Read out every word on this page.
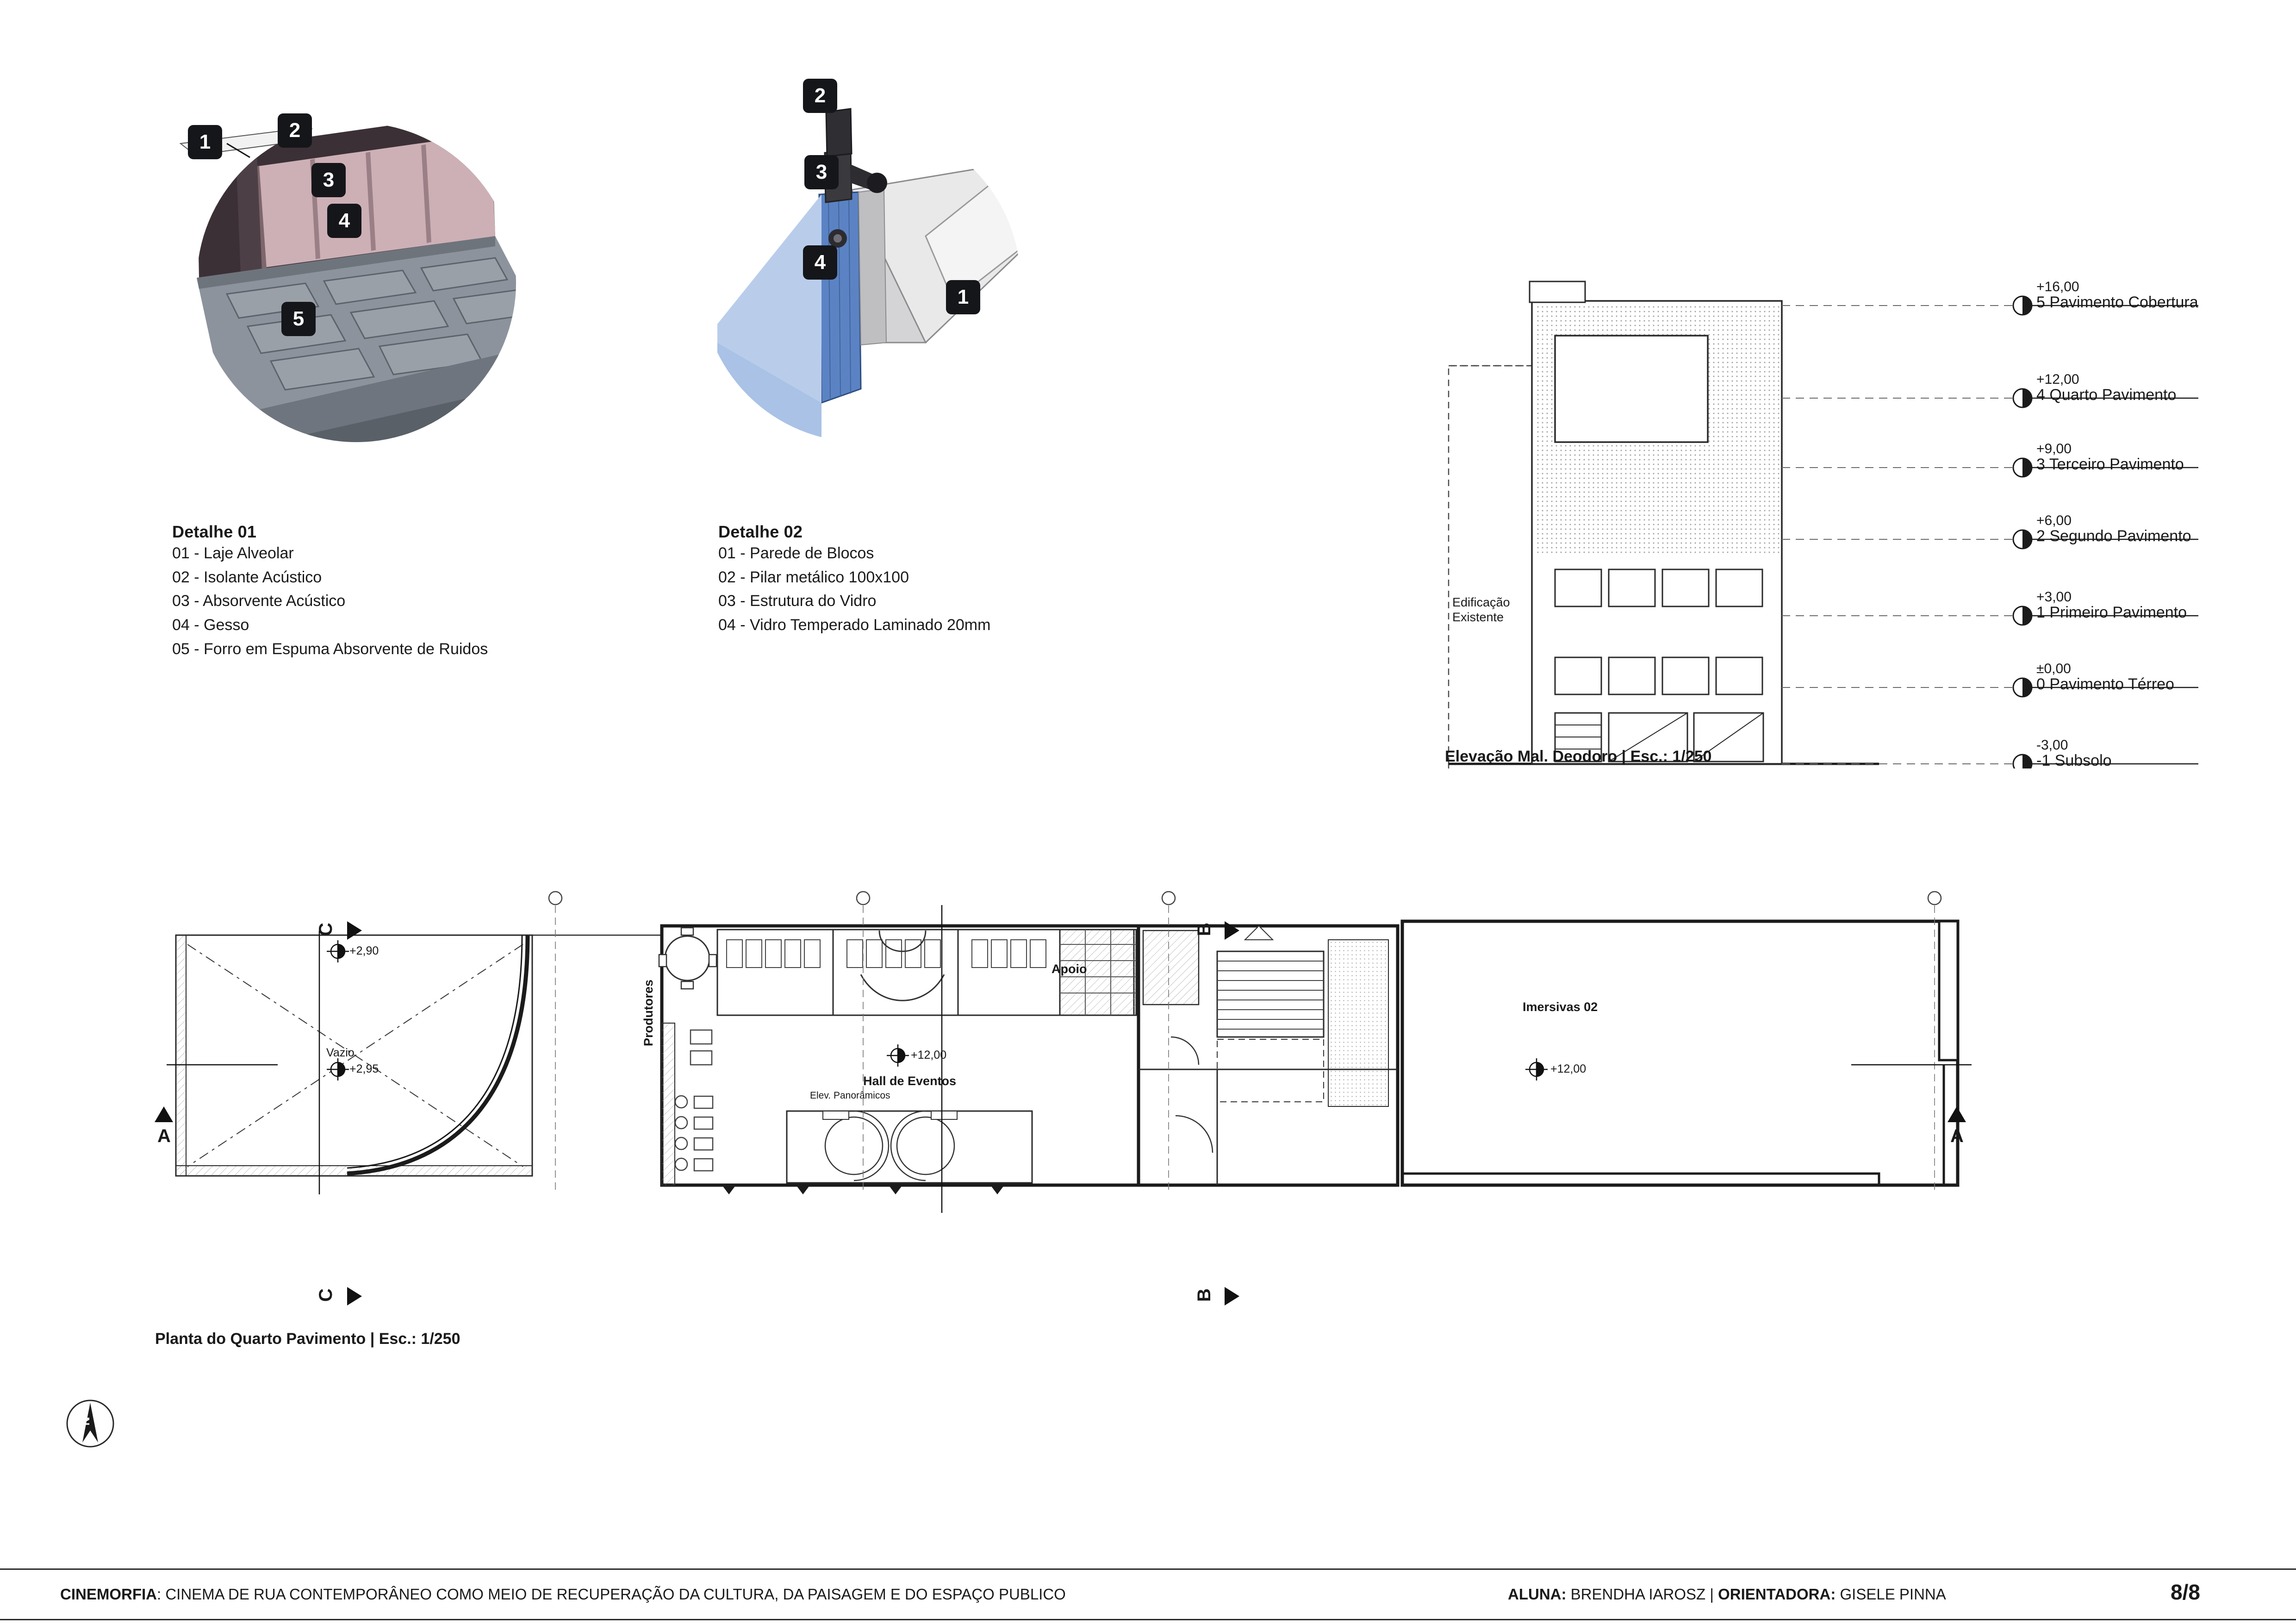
1
2
3
4
5
Detalhe 01
01 - Laje Alveolar
02 - Isolante Acústico
03 - Absorvente Acústico
04 - Gesso
05 - Forro em Espuma Absorvente de Ruidos
2
3
4
1
Detalhe 02
01 - Parede de Blocos
02 - Pilar metálico 100x100
03 - Estrutura do Vidro
04 - Vidro Temperado Laminado 20mm
Edificação
Existente
+16,00
5 Pavimento Cobertura
+12,00
4 Quarto Pavimento
+9,00
3 Terceiro Pavimento
+6,00
2 Segundo Pavimento
+3,00
1 Primeiro Pavimento
±0,00
0 Pavimento Térreo
-3,00
-1 Subsolo
Elevação Mal. Deodoro | Esc.: 1/250
+2,90
+2,95
Vazio	+12,00
Hall de Eventos
Apoio
Elev. Panorâmicos
Imersivas 02
+12,00
Produtores
C
C
B
B
A	A
Planta do Quarto Pavimento | Esc.: 1/250
N
CINEMORFIA: CINEMA DE RUA CONTEMPORÂNEO COMO MEIO DE RECUPERAÇÃO DA CULTURA, DA PAISAGEM E DO ESPAÇO PUBLICO	ALUNA: BRENDHA IAROSZ | ORIENTADORA: GISELE PINNA	8/8
